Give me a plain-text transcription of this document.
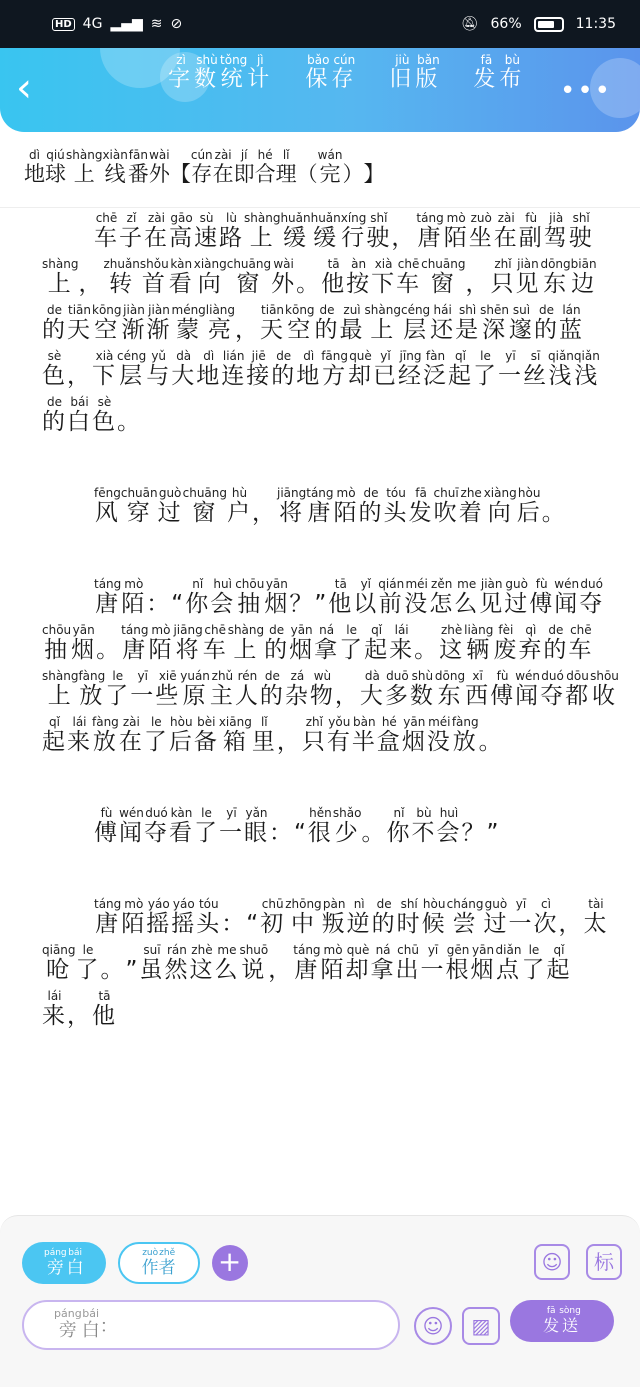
HD 4G ▂▄▆ ≋ ⊘	🔕︎ 66%	11:35
‹	字zì数shù统tǒng计jì
保bǎo存cún
旧jiù版bǎn
发fā布bù
•••
地dì球qiú上shàng线xiàn番fān外wài【 存cún在zài即jí合hé理lǐ（ 完wán） 】

车chē子zǐ在zài高gāo速sù路lù上shàng缓huǎn缓huǎn行xíng驶shǐ， 唐táng陌mò坐zuò在zài副fù驾jià驶shǐ上shàng， 转zhuǎn首shǒu看kàn向xiàng窗chuāng外wài。 他tā按àn下xià车chē窗chuāng， 只zhǐ见jiàn东dōng边biān的de天tiān空kōng渐jiàn渐jiàn蒙méng亮liàng， 天tiān空kōng的de最zuì上shàng层céng还hái是shì深shēn邃suì的de蓝lán色sè， 下xià层céng与yǔ大dà地dì连lián接jiē的de地dì方fāng却què已yǐ经jīng泛fàn起qǐ了le一yī丝sī浅qiǎn浅qiǎn的de白bái色sè。

风fēng穿chuān过guò窗chuāng户hù， 将jiāng唐táng陌mò的de头tóu发fā吹chuī着zhe向xiàng后hòu。

唐táng陌mò： “ 你nǐ会huì抽chōu烟yān？ ” 他tā以yǐ前qián没méi怎zěn么me见jiàn过guò傅fù闻wén夺duó抽chōu烟yān。 唐táng陌mò将jiāng车chē上shàng的de烟yān拿ná了le起qǐ来lái。 这zhè辆liàng废fèi弃qì的de车chē上shàng放fàng了le一yī些xiē原yuán主zhǔ人rén的de杂zá物wù， 大dà多duō数shù东dōng西xī傅fù闻wén夺duó都dōu收shōu起qǐ来lái放fàng在zài了le后hòu备bèi箱xiāng里lǐ， 只zhǐ有yǒu半bàn盒hé烟yān没méi放fàng。

傅fù闻wén夺duó看kàn了le一yī眼yǎn： “ 很hěn少shǎo。 你nǐ不bù会huì？ ”

唐táng陌mò摇yáo摇yáo头tóu： “ 初chū中zhōng叛pàn逆nì的de时shí候hòu尝cháng过guò一yī次cì， 太tài呛qiāng了le。 ” 虽suī然rán这zhè么me说shuō， 唐táng陌mò却què拿ná出chū一yī根gēn烟yān点diǎn了le起qǐ来lái， 他tā

旁páng
白bái
作zuò
者zhě +	☺	标
旁páng白bái
：	☺	▨	发fā
送sòng
